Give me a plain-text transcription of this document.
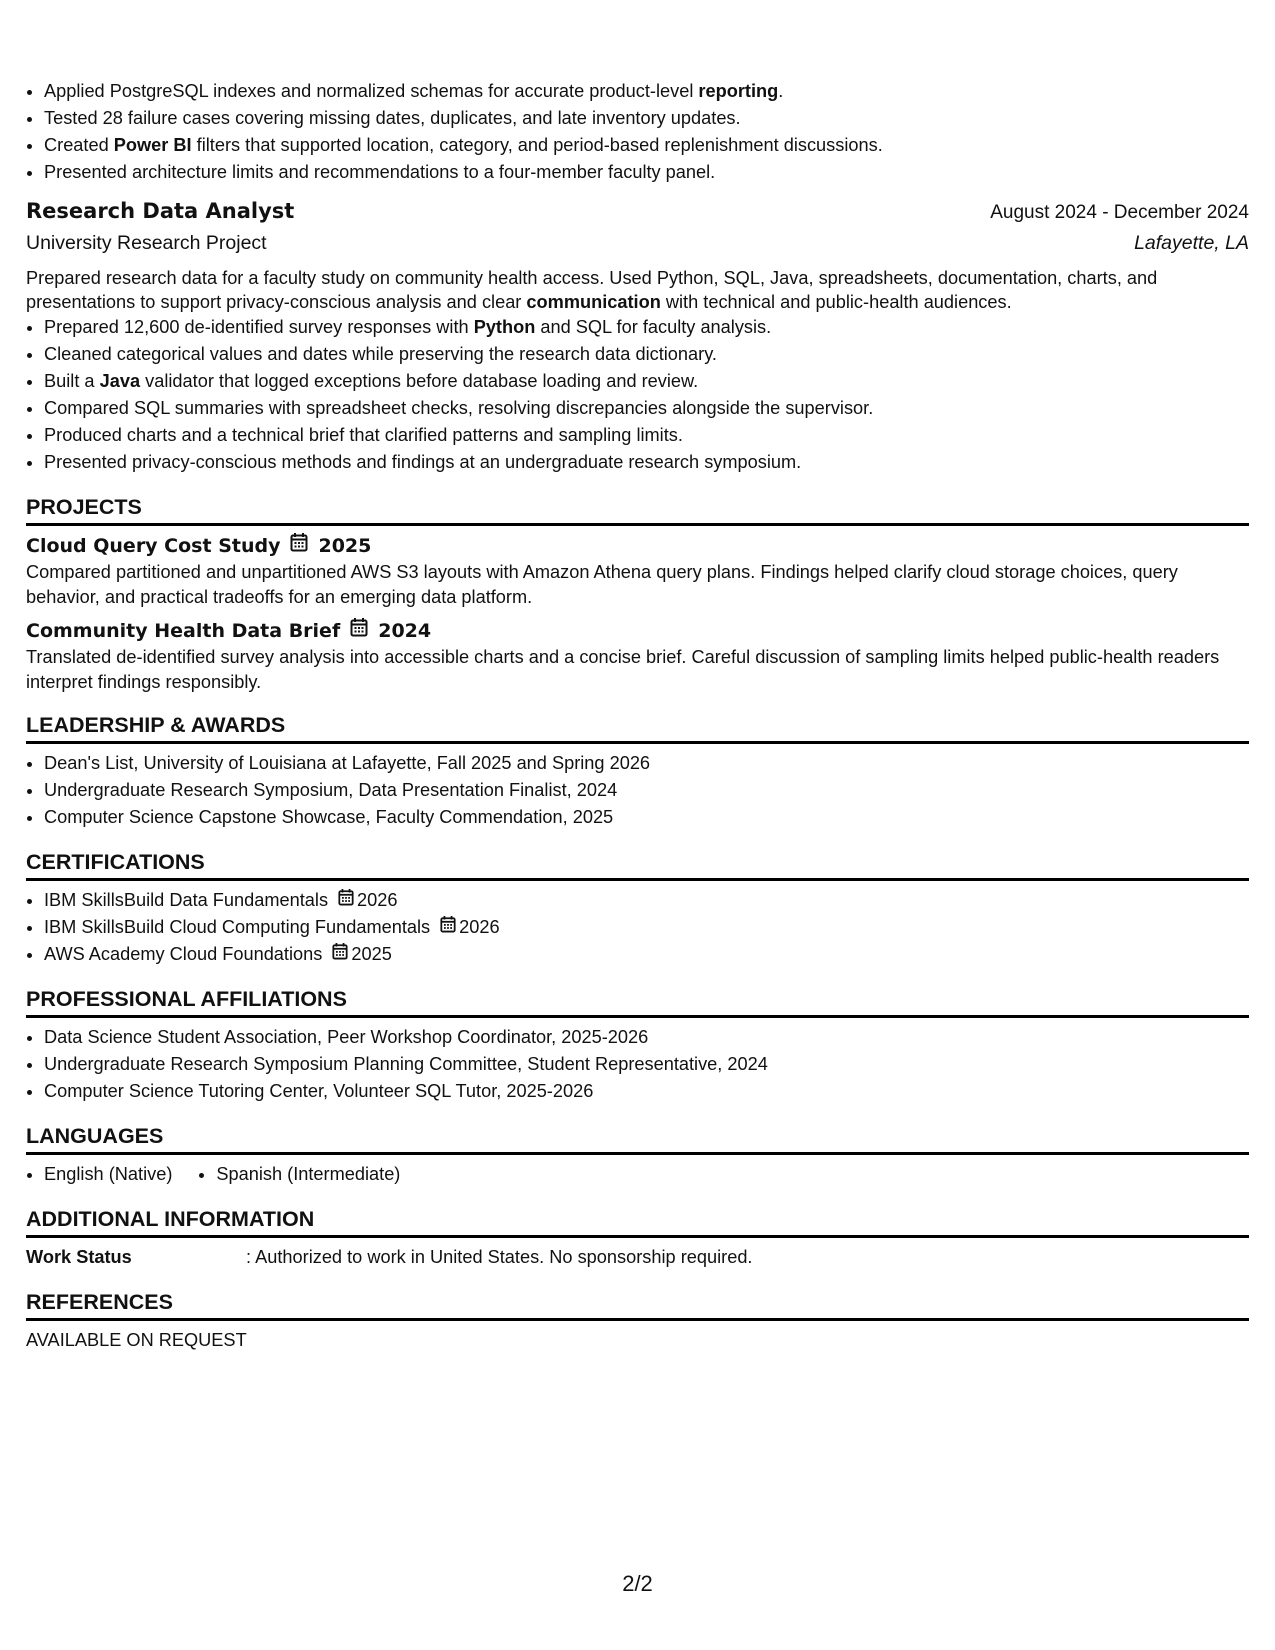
• Applied PostgreSQL indexes and normalized schemas for accurate product-level reporting.
• Tested 28 failure cases covering missing dates, duplicates, and late inventory updates.
• Created Power BI filters that supported location, category, and period-based replenishment discussions.
• Presented architecture limits and recommendations to a four-member faculty panel.
Research Data Analyst	August 2024 - December 2024
University Research Project	Lafayette, LA
Prepared research data for a faculty study on community health access. Used Python, SQL, Java, spreadsheets, documentation, charts, and presentations to support privacy-conscious analysis and clear communication with technical and public-health audiences.
• Prepared 12,600 de-identified survey responses with Python and SQL for faculty analysis.
• Cleaned categorical values and dates while preserving the research data dictionary.
• Built a Java validator that logged exceptions before database loading and review.
• Compared SQL summaries with spreadsheet checks, resolving discrepancies alongside the supervisor.
• Produced charts and a technical brief that clarified patterns and sampling limits.
• Presented privacy-conscious methods and findings at an undergraduate research symposium.
PROJECTS
Cloud Query Cost Study 2025
Compared partitioned and unpartitioned AWS S3 layouts with Amazon Athena query plans. Findings helped clarify cloud storage choices, query behavior, and practical tradeoffs for an emerging data platform.
Community Health Data Brief 2024
Translated de-identified survey analysis into accessible charts and a concise brief. Careful discussion of sampling limits helped public-health readers interpret findings responsibly.
LEADERSHIP & AWARDS
• Dean's List, University of Louisiana at Lafayette, Fall 2025 and Spring 2026
• Undergraduate Research Symposium, Data Presentation Finalist, 2024
• Computer Science Capstone Showcase, Faculty Commendation, 2025
CERTIFICATIONS
• IBM SkillsBuild Data Fundamentals 2026
• IBM SkillsBuild Cloud Computing Fundamentals 2026
• AWS Academy Cloud Foundations 2025
PROFESSIONAL AFFILIATIONS
• Data Science Student Association, Peer Workshop Coordinator, 2025-2026
• Undergraduate Research Symposium Planning Committee, Student Representative, 2024
• Computer Science Tutoring Center, Volunteer SQL Tutor, 2025-2026
LANGUAGES
• English (Native)
• Spanish (Intermediate)
ADDITIONAL INFORMATION
Work Status	: Authorized to work in United States. No sponsorship required.
REFERENCES
AVAILABLE ON REQUEST
2/2
